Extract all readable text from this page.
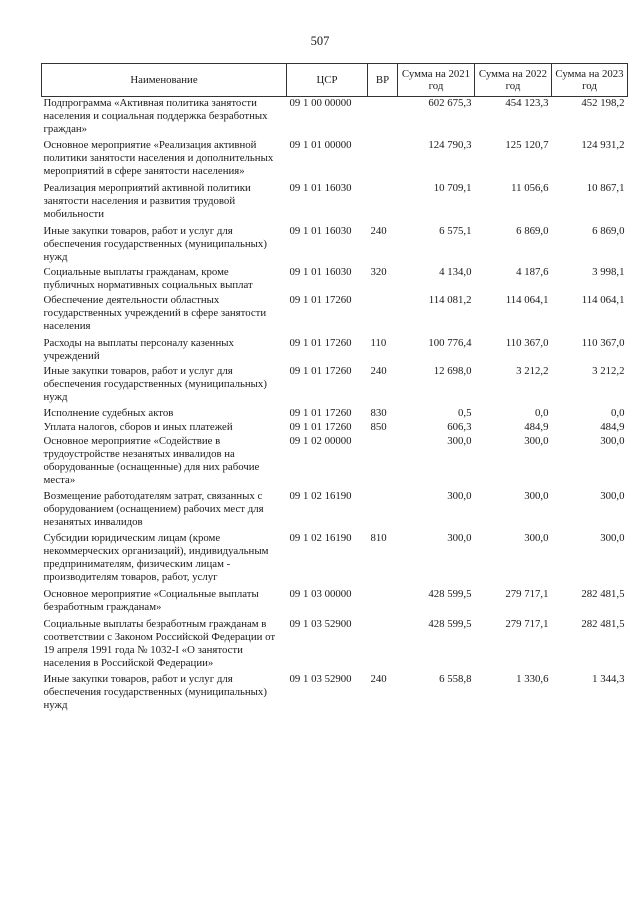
507
Наименование	ЦСР	ВР	Сумма на 2021 год	Сумма на 2022 год	Сумма на 2023 год
Подпрограмма «Активная политика занятости населения и социальная поддержка безработных граждан»	09 1 00 00000		602 675,3	454 123,3	452 198,2
Основное мероприятие «Реализация активной политики занятости населения и дополнительных мероприятий в сфере занятости населения»	09 1 01 00000		124 790,3	125 120,7	124 931,2
Реализация мероприятий активной политики занятости населения и развития трудовой мобильности	09 1 01 16030		10 709,1	11 056,6	10 867,1
Иные закупки товаров, работ и услуг для обеспечения государственных (муниципальных) нужд	09 1 01 16030	240	6 575,1	6 869,0	6 869,0
Социальные выплаты гражданам, кроме публичных нормативных социальных выплат	09 1 01 16030	320	4 134,0	4 187,6	3 998,1
Обеспечение деятельности областных государственных учреждений в сфере занятости населения	09 1 01 17260		114 081,2	114 064,1	114 064,1
Расходы на выплаты персоналу казенных учреждений	09 1 01 17260	110	100 776,4	110 367,0	110 367,0
Иные закупки товаров, работ и услуг для обеспечения государственных (муниципальных) нужд	09 1 01 17260	240	12 698,0	3 212,2	3 212,2
Исполнение судебных актов	09 1 01 17260	830	0,5	0,0	0,0
Уплата налогов, сборов и иных платежей	09 1 01 17260	850	606,3	484,9	484,9
Основное мероприятие «Содействие в трудоустройстве незанятых инвалидов на оборудованные (оснащенные) для них рабочие места»	09 1 02 00000		300,0	300,0	300,0
Возмещение работодателям затрат, связанных с оборудованием (оснащением) рабочих мест для незанятых инвалидов	09 1 02 16190		300,0	300,0	300,0
Субсидии юридическим лицам (кроме некоммерческих организаций), индивидуальным предпринимателям, физическим лицам - производителям товаров, работ, услуг	09 1 02 16190	810	300,0	300,0	300,0
Основное мероприятие «Социальные выплаты безработным гражданам»	09 1 03 00000		428 599,5	279 717,1	282 481,5
Социальные выплаты безработным гражданам в соответствии с Законом Российской Федерации от 19 апреля 1991 года № 1032-I «О занятости населения в Российской Федерации»	09 1 03 52900		428 599,5	279 717,1	282 481,5
Иные закупки товаров, работ и услуг для обеспечения государственных (муниципальных) нужд	09 1 03 52900	240	6 558,8	1 330,6	1 344,3
